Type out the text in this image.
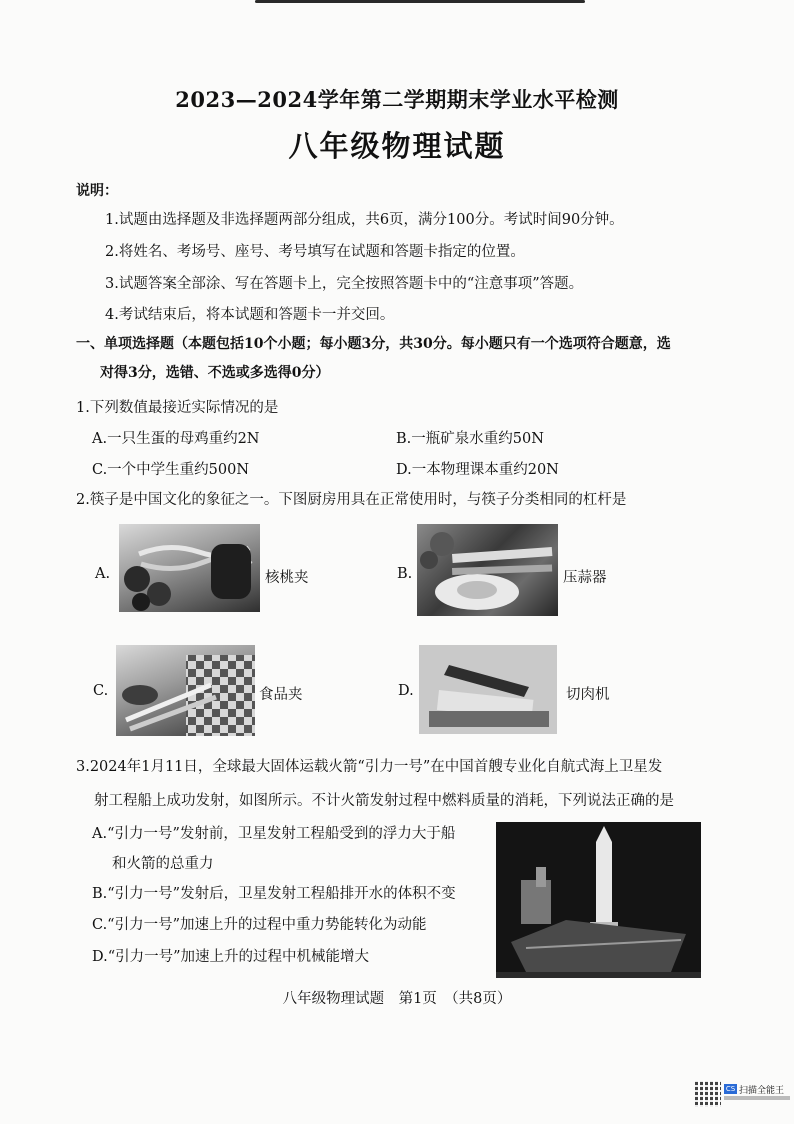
2023—2024学年第二学期期末学业水平检测
八年级物理试题
说明：
1.试题由选择题及非选择题两部分组成，共6页，满分100分。考试时间90分钟。
2.将姓名、考场号、座号、考号填写在试题和答题卡指定的位置。
3.试题答案全部涂、写在答题卡上，完全按照答题卡中的“注意事项”答题。
4.考试结束后，将本试题和答题卡一并交回。
一、单项选择题（本题包括10个小题；每小题3分，共30分。每小题只有一个选项符合题意，选
对得3分，选错、不选或多选得0分）
1.下列数值最接近实际情况的是
A.一只生蛋的母鸡重约2N	B.一瓶矿泉水重约50N
C.一个中学生重约500N	D.一本物理课本重约20N
2.筷子是中国文化的象征之一。下图厨房用具在正常使用时，与筷子分类相同的杠杆是
A.	核桃夹	B.	压蒜器
C.	食品夹	D.	切肉机
3.2024年1月11日，全球最大固体运载火箭“引力一号”在中国首艘专业化自航式海上卫星发
射工程船上成功发射，如图所示。不计火箭发射过程中燃料质量的消耗，下列说法正确的是
A.“引力一号”发射前，卫星发射工程船受到的浮力大于船
和火箭的总重力
B.“引力一号”发射后，卫星发射工程船排开水的体积不变
C.“引力一号”加速上升的过程中重力势能转化为动能
D.“引力一号”加速上升的过程中机械能增大
八年级物理试题　第1页　（共8页）
CS 扫描全能王
